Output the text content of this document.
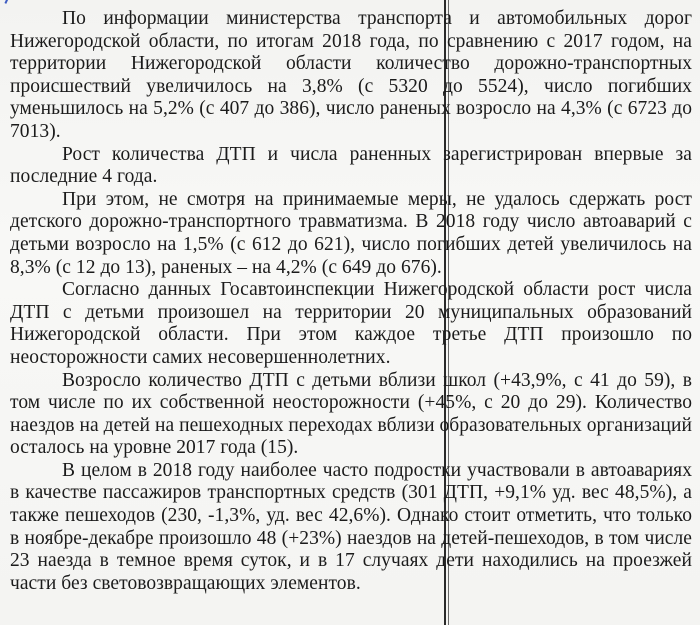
По информации министерства транспорта и автомобильных дорог Нижегородской области, по итогам 2018 года, по сравнению с 2017 годом, на территории Нижегородской области количество дорожно-транспортных происшествий увеличилось на 3,8% (с 5320 до 5524), число погибших уменьшилось на 5,2% (с 407 до 386), число раненых возросло на 4,3% (с 6723 до 7013).

Рост количества ДТП и числа раненных зарегистрирован впервые за последние 4 года.

При этом, не смотря на принимаемые меры, не удалось сдержать рост детского дорожно-транспортного травматизма. В 2018 году число автоаварий с детьми возросло на 1,5% (с 612 до 621), число погибших детей увеличилось на 8,3% (с 12 до 13), раненых – на 4,2% (с 649 до 676).

Согласно данных Госавтоинспекции Нижегородской области рост числа ДТП с детьми произошел на территории 20 муниципальных образований Нижегородской области. При этом каждое третье ДТП произошло по неосторожности самих несовершеннолетних.

Возросло количество ДТП с детьми вблизи школ (+43,9%, с 41 до 59), в том числе по их собственной неосторожности (+45%, с 20 до 29). Количество наездов на детей на пешеходных переходах вблизи образовательных организаций осталось на уровне 2017 года (15).

В целом в 2018 году наиболее часто подростки участвовали в автоавариях в качестве пассажиров транспортных средств (301 ДТП, +9,1% уд. вес 48,5%), а также пешеходов (230, -1,3%, уд. вес 42,6%). Однако стоит отметить, что только в ноябре-декабре произошло 48 (+23%) наездов на детей-пешеходов, в том числе 23 наезда в темное время суток, и в 17 случаях дети находились на проезжей части без световозвращающих элементов.
